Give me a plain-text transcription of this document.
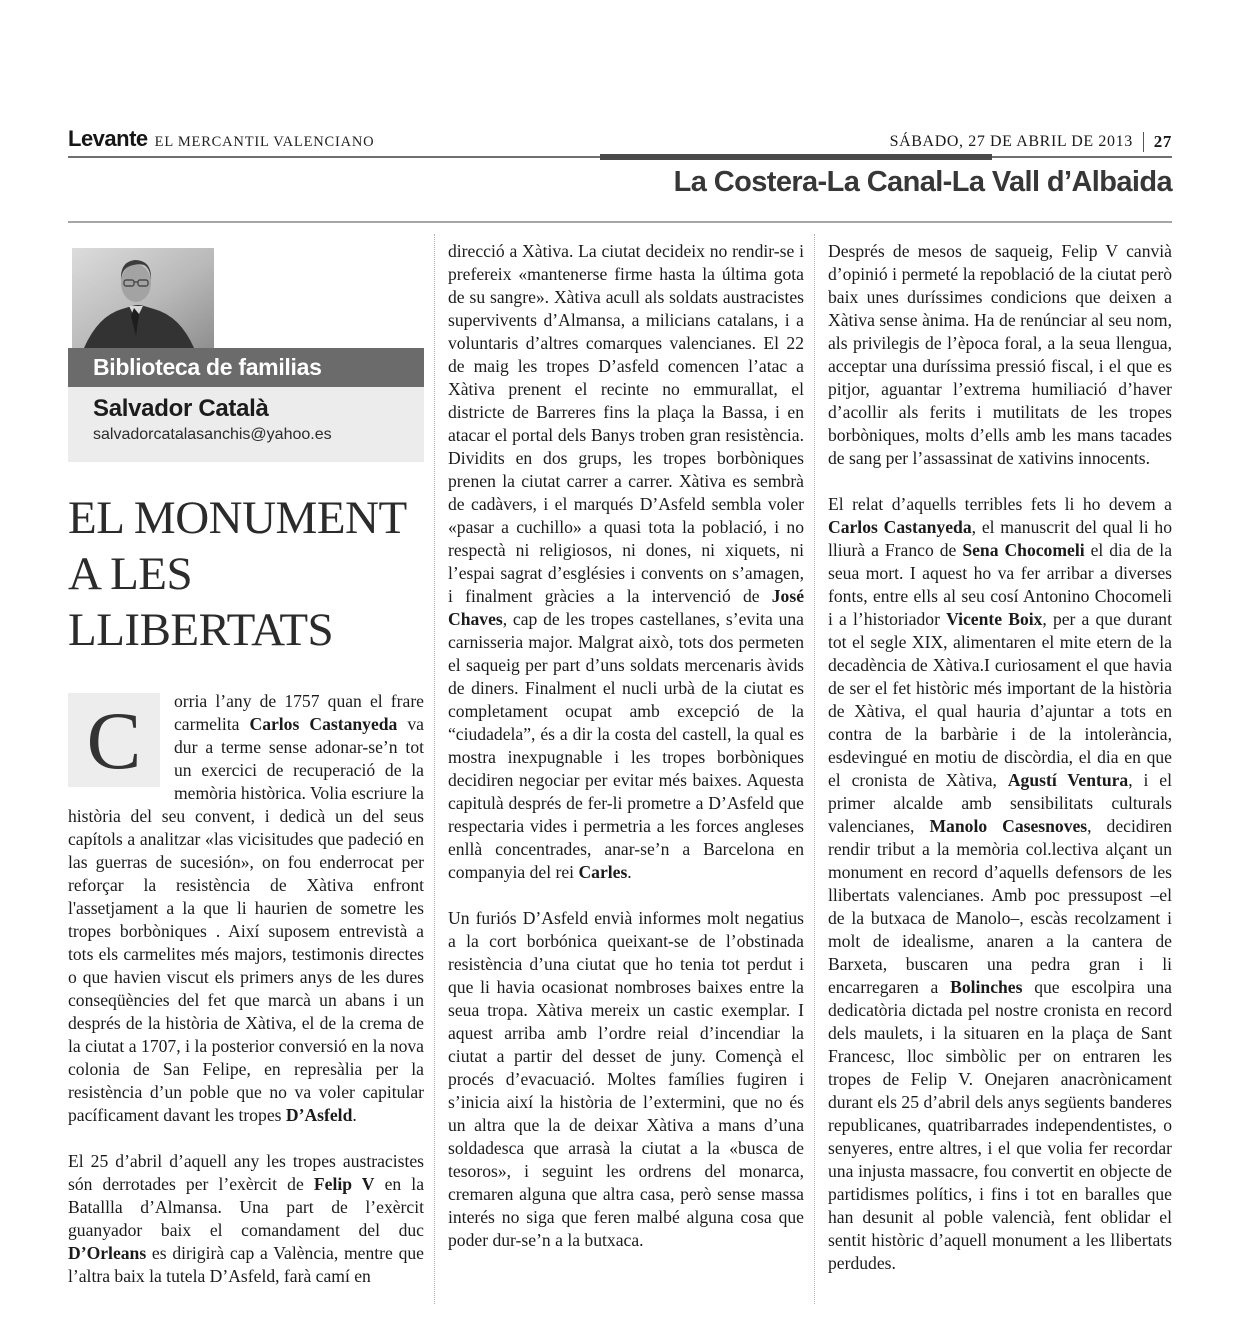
Levante EL MERCANTIL VALENCIANO	SÁBADO, 27 DE ABRIL DE 2013 27
La Costera-La Canal-La Vall d’Albaida
Biblioteca de familias
Salvador Català
salvadorcatalasanchis@yahoo.es
EL MONUMENT
A LES
LLIBERTATS

C	orria l’any de 1757 quan el frare carmelita Carlos Castanyeda va dur a terme sense adonar-se’n tot un exercici de recuperació de la memòria històrica. Volia escriure la història del seu convent, i dedicà un del seus capítols a analitzar «las vicisitudes que padeció en las guerras de sucesión», on fou enderrocat per reforçar la resistència de Xàtiva enfront l'assetjament a la que li haurien de sometre les tropes borbòniques . Així suposem entrevistà a tots els carmelites més majors, testimonis directes o que havien viscut els primers anys de les dures conseqüències del fet que marcà un abans i un després de la història de Xàtiva, el de la crema de la ciutat a 1707, i la posterior conversió en la nova colonia de San Felipe, en represàlia per la resistència d’un poble que no va voler capitular pacíficament davant les tropes D’Asfeld.

El 25 d’abril d’aquell any les tropes austracistes són derrotades per l’exèrcit de Felip V en la Batallla d’Almansa. Una part de l’exèrcit guanyador baix el comandament del duc D’Orleans es dirigirà cap a València, mentre que l’altra baix la tutela D’Asfeld, farà camí en

direcció a Xàtiva. La ciutat decideix no rendir-se i prefereix «mantenerse firme hasta la última gota de su sangre». Xàtiva acull als soldats austracistes supervivents d’Almansa, a milicians catalans, i a voluntaris d’altres comarques valencianes. El 22 de maig les tropes D’asfeld comencen l’atac a Xàtiva prenent el recinte no emmurallat, el districte de Barreres fins la plaça la Bassa, i en atacar el portal dels Banys troben gran resistència. Dividits en dos grups, les tropes borbòniques prenen la ciutat carrer a carrer. Xàtiva es sembrà de cadàvers, i el marqués D’Asfeld sembla voler «pasar a cuchillo» a quasi tota la població, i no respectà ni religiosos, ni dones, ni xiquets, ni l’espai sagrat d’esglésies i convents on s’amagen, i finalment gràcies a la intervenció de José Chaves, cap de les tropes castellanes, s’evita una carnisseria major. Malgrat això, tots dos permeten el saqueig per part d’uns soldats mercenaris àvids de diners. Finalment el nucli urbà de la ciutat es completament ocupat amb excepció de la “ciudadela”, és a dir la costa del castell, la qual es mostra inexpugnable i les tropes borbòniques decidiren negociar per evitar més baixes. Aquesta capitulà després de fer-li prometre a D’Asfeld que respectaria vides i permetria a les forces angleses enllà concentrades, anar-se’n a Barcelona en companyia del rei Carles.

Un furiós D’Asfeld envià informes molt negatius a la cort borbónica queixant-se de l’obstinada resistència d’una ciutat que ho tenia tot perdut i que li havia ocasionat nombroses baixes entre la seua tropa. Xàtiva mereix un castic exemplar. I aquest arriba amb l’ordre reial d’incendiar la ciutat a partir del desset de juny. Començà el procés d’evacuació. Moltes famílies fugiren i s’inicia així la història de l’extermini, que no és un altra que la de deixar Xàtiva a mans d’una soldadesca que arrasà la ciutat a la «busca de tesoros», i seguint les ordrens del monarca, cremaren alguna que altra casa, però sense massa interés no siga que feren malbé alguna cosa que poder dur-se’n a la butxaca.

Després de mesos de saqueig, Felip V canvià d’opinió i permeté la repoblació de la ciutat però baix unes duríssimes condicions que deixen a Xàtiva sense ànima. Ha de renúnciar al seu nom, als privilegis de l’època foral, a la seua llengua, acceptar una duríssima pressió fiscal, i el que es pitjor, aguantar l’extrema humiliació d’haver d’acollir als ferits i mutilitats de les tropes borbòniques, molts d’ells amb les mans tacades de sang per l’assassinat de xativins innocents.

El relat d’aquells terribles fets li ho devem a Carlos Castanyeda, el manuscrit del qual li ho lliurà a Franco de Sena Chocomeli el dia de la seua mort. I aquest ho va fer arribar a diverses fonts, entre ells al seu cosí Antonino Chocomeli i a l’historiador Vicente Boix, per a que durant tot el segle XIX, alimentaren el mite etern de la decadència de Xàtiva.I curiosament el que havia de ser el fet històric més important de la història de Xàtiva, el qual hauria d’ajuntar a tots en contra de la barbàrie i de la intolerància, esdevingué en motiu de discòrdia, el dia en que el cronista de Xàtiva, Agustí Ventura, i el primer alcalde amb sensibilitats culturals valencianes, Manolo Casesnoves, decidiren rendir tribut a la memòria col.lectiva alçant un monument en record d’aquells defensors de les llibertats valencianes. Amb poc pressupost –el de la butxaca de Manolo–, escàs recolzament i molt de idealisme, anaren a la cantera de Barxeta, buscaren una pedra gran i li encarregaren a Bolinches que escolpira una dedicatòria dictada pel nostre cronista en record dels maulets, i la situaren en la plaça de Sant Francesc, lloc simbòlic per on entraren les tropes de Felip V. Onejaren anacrònicament durant els 25 d’abril dels anys següents banderes republicanes, quatribarrades independentistes, o senyeres, entre altres, i el que volia fer recordar una injusta massacre, fou convertit en objecte de partidismes polítics, i fins i tot en baralles que han desunit al poble valencià, fent oblidar el sentit històric d’aquell monument a les llibertats perdudes.
